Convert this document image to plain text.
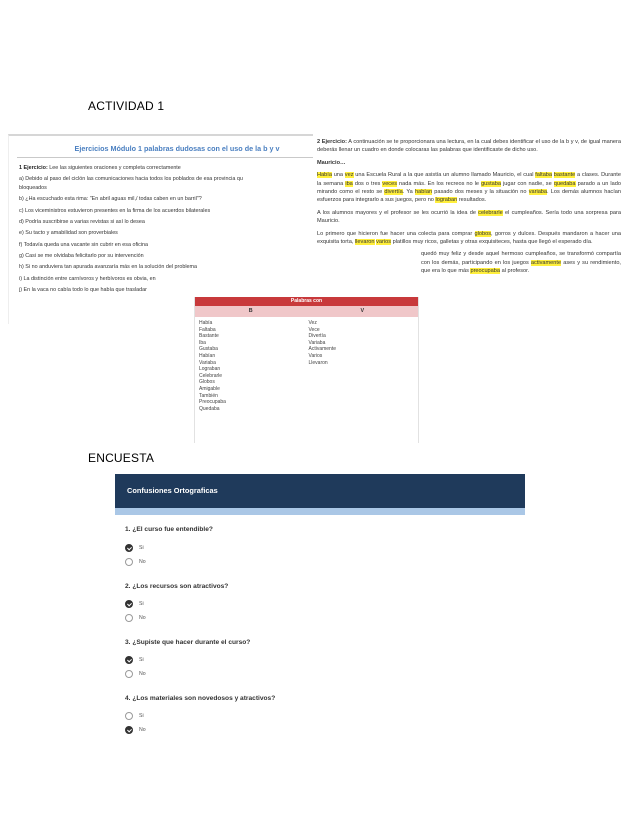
ACTIVIDAD 1
Ejercicios Módulo 1 palabras dudosas con el uso de la b y v
1 Ejercicio: Lee las siguientes oraciones y completa correctamente
a) Debido al paso del ciclón las comunicaciones hacia todos los poblados de esa provincia qu
bloqueados
b) ¿Ha escuchado esta rima: "En abril aguas mil,/ todas caben en un barril"?
c) Los viceministros estuvieron presentes en la firma de los acuerdos bilaterales
d) Podría suscribirse a varias revistas si así lo desea
e) Su tacto y amabilidad son proverbiales
f) Todavía queda una vacante sin cubrir en esa oficina
g) Casi se me olvidaba felicitarlo por su intervención
h) Si no anduviera tan apurada avanzaría más en la solución del problema
i) La distinción entre carnívoros y herbívoros es obvia, en
j) En la vaca no cabía todo lo que había que trasladar

2 Ejercicio: A continuación se te proporcionara una lectura, en la cual debes identificar el uso de la b y v, de igual manera deberás llenar un cuadro en donde colocaras las palabras que identificaste de dicho uso.

Mauricio…

Había una vez una Escuela Rural a la que asistía un alumno llamado Mauricio, el cual faltaba bastante a clases. Durante la semana iba dos o tres veces nada más. En los recreos no le gustaba jugar con nadie, se quedaba parado a un lado mirando como el resto se divertía. Ya habían pasado dos meses y la situación no variaba. Los demás alumnos hacían esfuerzos para integrarlo a sus juegos, pero no lograban resultados.

A los alumnos mayores y el profesor se les ocurrió la idea de celebrarle el cumpleaños. Sería todo una sorpresa para Mauricio.

Lo primero que hicieron fue hacer una colecta para comprar globos, gorros y dulces. Después mandaron a hacer una exquisita torta, llevaron varios platillos muy ricos, galletas y otras exquisiteces, hasta que llegó el esperado día.

quedó muy feliz y desde aquel hermoso cumpleaños, se transformó compartía con los demás, participando en los juegos activamente ases y su rendimiento, que era lo que más preocupaba al profesor.

Palabras con
B	V
Había
Faltaba
Bastante
Iba
Gustaba
Habían
Variaba
Lograban
Celebrarle
Globos
Amigable
También
Preocupaba
Quedaba
Vez
Vece
Divertía
Variaba
Activamente
Varios
Llevaron
ENCUESTA
Confusiones Ortograficas
1. ¿El curso fue entendible?
Si
No
2. ¿Los recursos son atractivos?
Si
No
3. ¿Supiste que hacer durante el curso?
Si
No
4. ¿Los materiales son novedosos y atractivos?
Si
No
